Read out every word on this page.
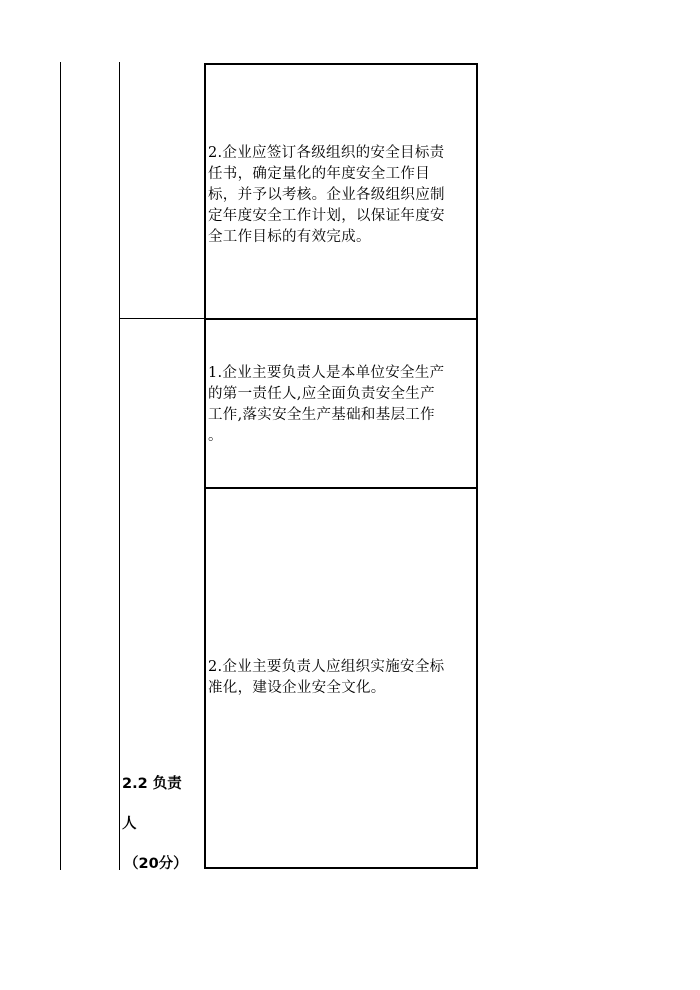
2.企业应签订各级组织的安全目标责
任书，确定量化的年度安全工作目
标，并予以考核。企业各级组织应制
定年度安全工作计划，以保证年度安
全工作目标的有效完成。
1.企业主要负责人是本单位安全生产
的第一责任人,应全面负责安全生产
工作,落实安全生产基础和基层工作
。
2.企业主要负责人应组织实施安全标
准化，建设企业安全文化。

2.2 负责

人

（20分）
